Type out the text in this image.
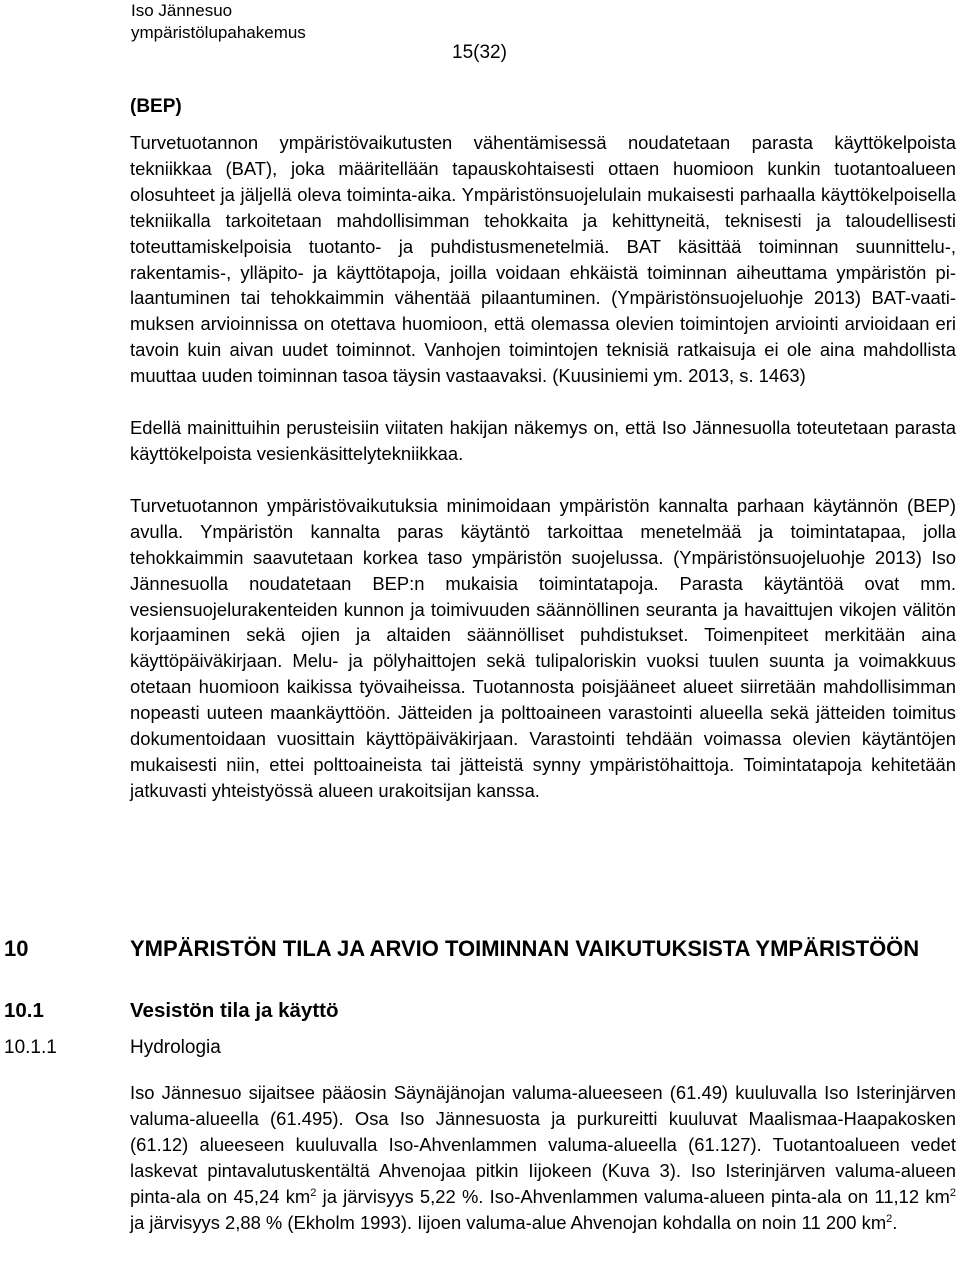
Iso Jännesuo
ympäristölupahakemus
15(32)
(BEP)

Turvetuotannon ympäristövaikutusten vähentämisessä noudatetaan parasta käyttökelpoista tekniikkaa (BAT), joka määritellään tapauskohtaisesti ottaen huomioon kunkin tuotantoalueen olosuhteet ja jäljellä oleva toiminta-aika. Ympäristönsuojelulain mukaisesti parhaalla käyttökelpoisella tekniikalla tarkoitetaan mahdollisimman tehokkaita ja kehittyneitä, teknisesti ja taloudellisesti toteuttamiskelpoisia tuotanto- ja puhdistusmenetelmiä. BAT käsittää toiminnan suunnittelu-, rakentamis-, ylläpito- ja käyttötapoja, joilla voidaan ehkäistä toiminnan aiheuttama ympäristön pi-laantuminen tai tehokkaimmin vähentää pilaantuminen. (Ympäristönsuojeluohje 2013) BAT-vaatimuksen arvioinnissa on otettava huomioon, että olemassa olevien toimintojen arviointi arvioidaan eri tavoin kuin aivan uudet toiminnot. Vanhojen toimintojen teknisiä ratkaisuja ei ole aina mahdollista muuttaa uuden toiminnan tasoa täysin vastaavaksi. (Kuusiniemi ym. 2013, s. 1463)

Edellä mainittuihin perusteisiin viitaten hakijan näkemys on, että Iso Jännesuolla toteutetaan parasta käyttökelpoista vesienkäsittelytekniikkaa.

Turvetuotannon ympäristövaikutuksia minimoidaan ympäristön kannalta parhaan käytännön (BEP) avulla. Ympäristön kannalta paras käytäntö tarkoittaa menetelmää ja toimintatapaa, jolla tehokkaimmin saavutetaan korkea taso ympäristön suojelussa. (Ympäristönsuojeluohje 2013) Iso Jännesuolla noudatetaan BEP:n mukaisia toimintatapoja. Parasta käytäntöä ovat mm. vesiensuojelurakenteiden kunnon ja toimivuuden säännöllinen seuranta ja havaittujen vikojen välitön korjaaminen sekä ojien ja altaiden säännölliset puhdistukset. Toimenpiteet merkitään aina käyttöpäiväkirjaan. Melu- ja pölyhaittojen sekä tulipaloriskin vuoksi tuulen suunta ja voimakkuus otetaan huomioon kaikissa työvaiheissa. Tuotannosta poisjääneet alueet siirretään mahdollisimman nopeasti uuteen maankäyttöön. Jätteiden ja polttoaineen varastointi alueella sekä jätteiden toimitus dokumentoidaan vuosittain käyttöpäiväkirjaan. Varastointi tehdään voimassa olevien käytäntöjen mukaisesti niin, ettei polttoaineista tai jätteistä synny ympäristöhaittoja. Toimintatapoja kehitetään jatkuvasti yhteistyössä alueen urakoitsijan kanssa.

10	YMPÄRISTÖN TILA JA ARVIO TOIMINNAN VAIKUTUKSISTA YMPÄRISTÖÖN
10.1	Vesistön tila ja käyttö
10.1.1	Hydrologia

Iso Jännesuo sijaitsee pääosin Säynäjänojan valuma-alueeseen (61.49) kuuluvalla Iso Isterinjärven valuma-alueella (61.495). Osa Iso Jännesuosta ja purkureitti kuuluvat Maalismaa-Haapakosken (61.12) alueeseen kuuluvalla Iso-Ahvenlammen valuma-alueella (61.127). Tuotantoalueen vedet laskevat pintavalutuskentältä Ahvenojaa pitkin Iijokeen (Kuva 3). Iso Isterinjärven valuma-alueen pinta-ala on 45,24 $km^2$ ja järvisyys 5,22 %. Iso-Ahvenlammen valuma-alueen pinta-ala on 11,12 $km^2$ ja järvisyys 2,88 % (Ekholm 1993). Iijoen valuma-alue Ahvenojan kohdalla on noin 11 200 $km^2$.
